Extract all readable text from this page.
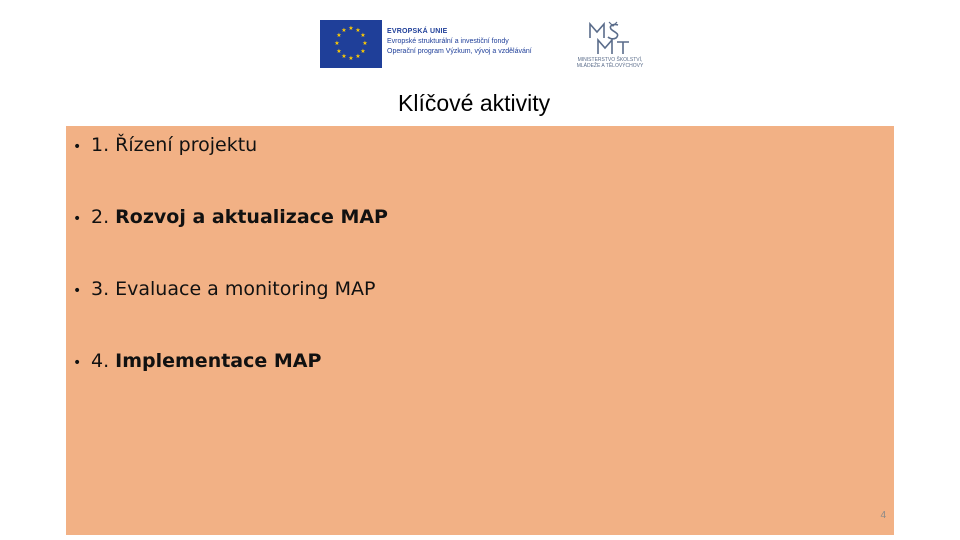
★ ★
★
★
★
★
★
★
★
★
★
★	EVROPSKÁ UNIE
Evropské strukturální a investiční fondy
Operační program Výzkum, vývoj a vzdělávání
MINISTERSTVO ŠKOLSTVÍ,
MLÁDEŽE A TĚLOVÝCHOVY
Klíčové aktivity
• 1. Řízení projektu
• 2. Rozvoj a aktualizace MAP
• 3. Evaluace a monitoring MAP
• 4. Implementace MAP
4
